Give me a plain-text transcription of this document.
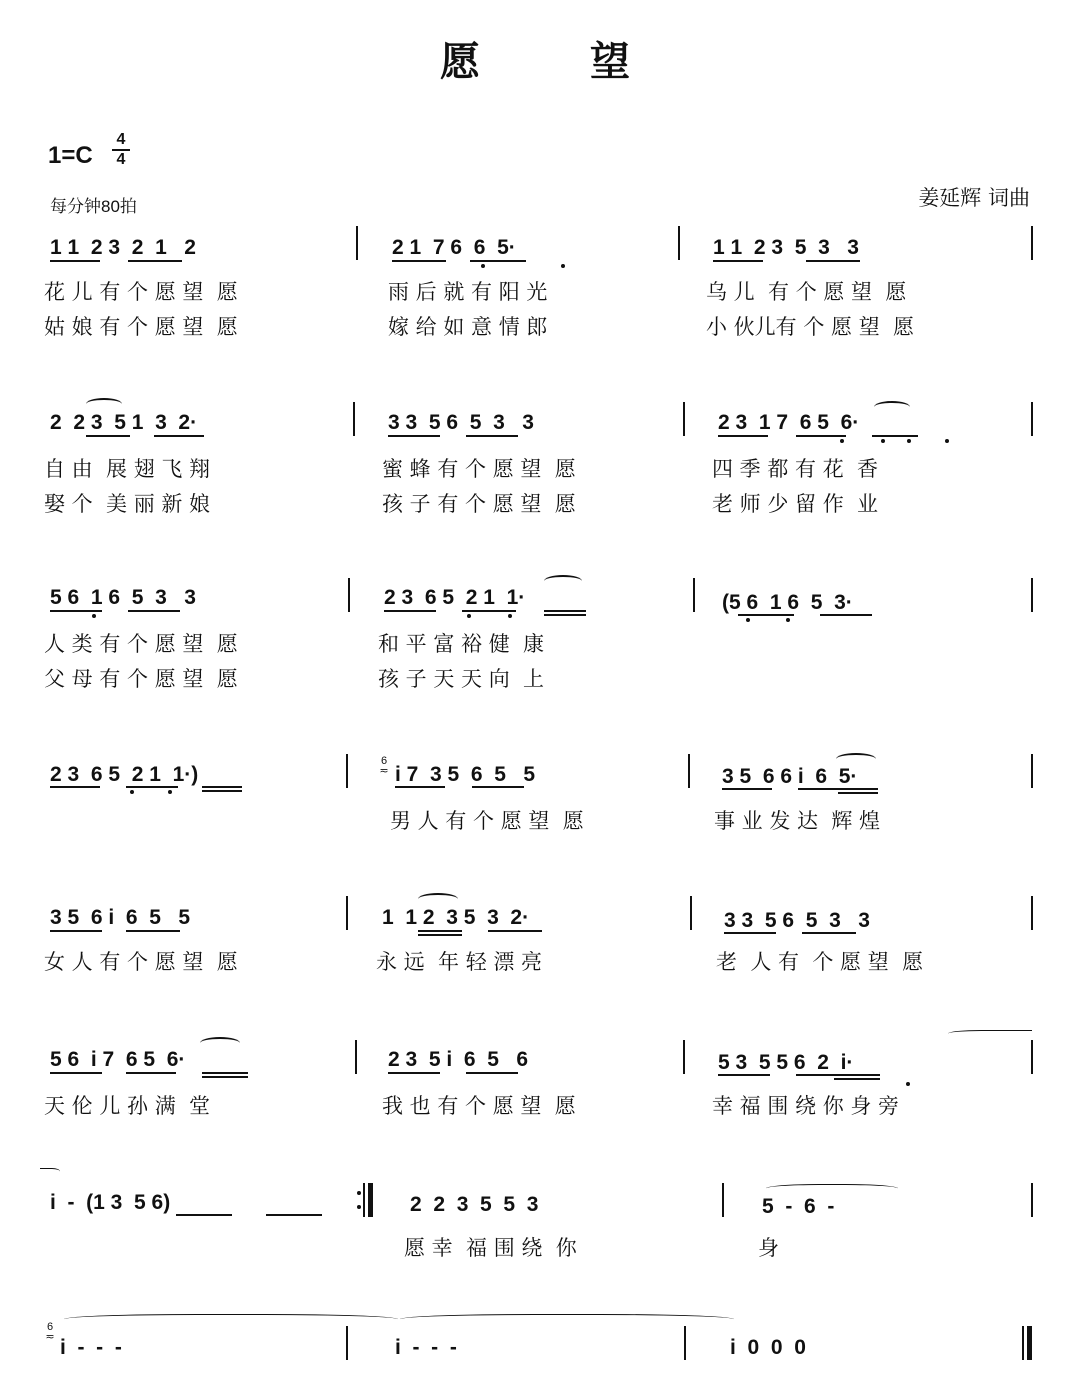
愿	望
$1=C \frac{4}{4}$
每分钟80拍	姜延辉 词曲
1 1  2 3  2  1   2	2 1  7 6  6  5·	1 1  2 3  5  3   3
花 儿 有 个 愿 望  愿	雨 后 就 有 阳 光	乌 儿  有 个 愿 望  愿
姑 娘 有 个 愿 望  愿	嫁 给 如 意 情 郎	小 伙儿有 个 愿 望  愿
2  2 3  5 1  3  2·	3 3  5 6  5  3   3	2 3  1 7  6 5  6·
自 由  展 翅 飞 翔	蜜 蜂 有 个 愿 望  愿	四 季 都 有 花  香
娶 个  美 丽 新 娘	孩 子 有 个 愿 望  愿	老 师 少 留 作  业
5 6  1 6  5  3   3	2 3  6 5  2 1  1·	(5 6  1 6  5  3·
人 类 有 个 愿 望  愿	和 平 富 裕 健  康
父 母 有 个 愿 望  愿	孩 子 天 天 向  上
2 3  6 5  2 1  1·)
6
≂ i 7  3 5  6  5   5	3 5  6 6 i  6  5·
男 人 有 个 愿 望  愿	事 业 发 达  辉 煌
3 5  6 i  6  5   5	1  1 2  3 5  3  2·	3 3  5 6  5  3   3
女 人 有 个 愿 望  愿	永 远  年 轻 漂 亮	老  人 有  个 愿 望  愿
5 6  i 7  6 5  6·	2 3  5 i  6  5   6	5 3  5 5 6  2  i·
天 伦 儿 孙 满  堂	我 也 有 个 愿 望  愿	幸 福 围 绕 你 身 旁
i  -  (1 3  5 6)	2  2  3  5  5  3	5  -  6  -
愿 幸  福 围 绕  你	身
6
≂ i  -  -  -	i  -  -  -	i  0  0  0
